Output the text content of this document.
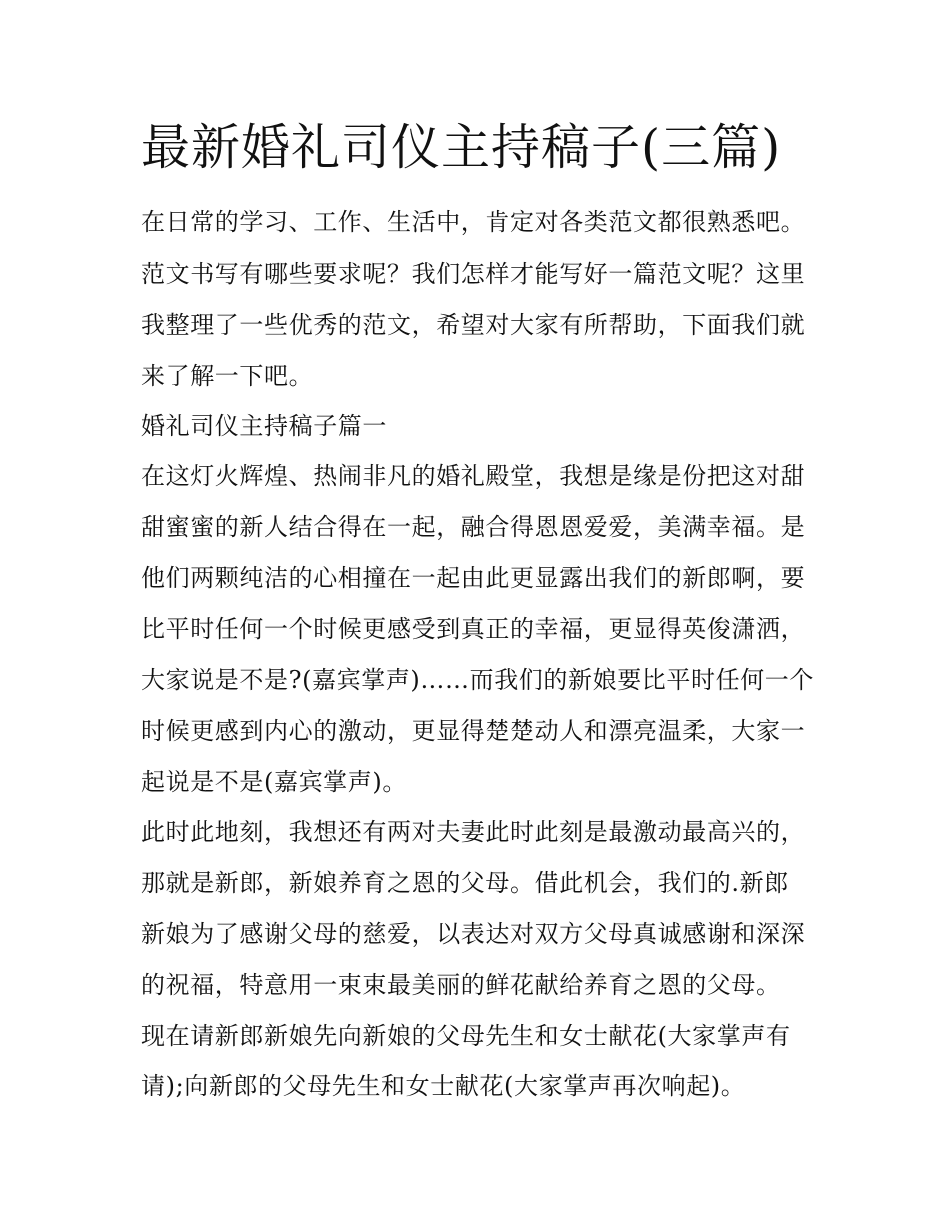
最新婚礼司仪主持稿子(三篇)

在日常的学习、工作、生活中，肯定对各类范文都很熟悉吧。

范文书写有哪些要求呢？我们怎样才能写好一篇范文呢？这里

我整理了一些优秀的范文，希望对大家有所帮助，下面我们就

来了解一下吧。

婚礼司仪主持稿子篇一

在这灯火辉煌、热闹非凡的婚礼殿堂，我想是缘是份把这对甜

甜蜜蜜的新人结合得在一起，融合得恩恩爱爱，美满幸福。是

他们两颗纯洁的心相撞在一起由此更显露出我们的新郎啊，要

比平时任何一个时候更感受到真正的幸福，更显得英俊潇洒，

大家说是不是?(嘉宾掌声)……而我们的新娘要比平时任何一个

时候更感到内心的激动，更显得楚楚动人和漂亮温柔，大家一

起说是不是(嘉宾掌声)。

此时此地刻，我想还有两对夫妻此时此刻是最激动最高兴的，

那就是新郎，新娘养育之恩的父母。借此机会，我们的.新郎

新娘为了感谢父母的慈爱，以表达对双方父母真诚感谢和深深

的祝福，特意用一束束最美丽的鲜花献给养育之恩的父母。

现在请新郎新娘先向新娘的父母先生和女士献花(大家掌声有

请);向新郎的父母先生和女士献花(大家掌声再次响起)。
